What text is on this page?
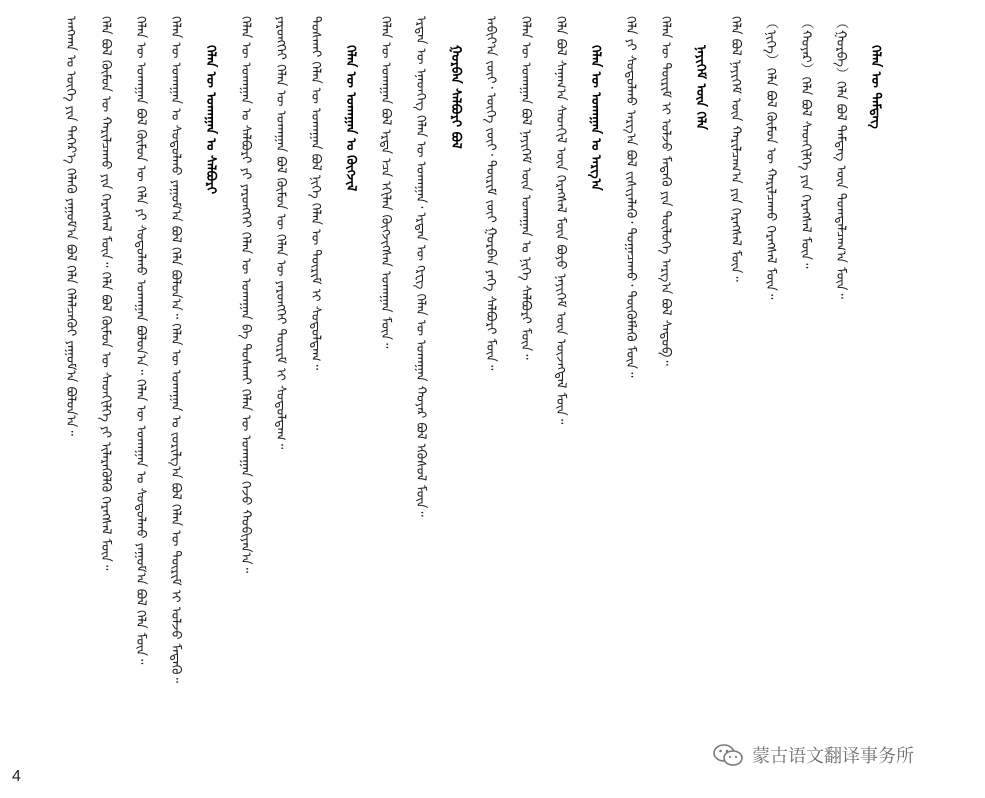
ᠠᠨᠭᠬᠠᠨ ᠤ ᠦᠭᠡ ᠶᠢᠨ ᠳᠡᠭᠡᠷ᠎ᠡ ᠬᠡᠯᠡᠬᠦ ᠶᠠᠭᠤᠮ᠎ᠠ ᠪᠣᠯ ᠬᠡᠯᠡ ᠬᠡᠯᠡᠯᠴᠡᠬᠦᠢ ᠶᠠᠭᠤᠮ᠎ᠠ ᠪᠣᠯᠤᠨ᠎ᠠ᠃ ᠬᠡᠯᠡ ᠪᠣᠯ ᠬᠦᠮᠦᠨ ᠦ ᠬᠠᠷᠢᠯᠴᠠᠬᠤ ᠶᠢᠨ ᠬᠡᠷᠡᠭᠰᠡᠯ ᠮᠥᠨ᠃ ᠬᠡᠯᠡ ᠪᠣᠯ ᠬᠦᠮᠦᠨ ᠦ ᠰᠡᠳᠬᠢᠯᠭᠡ ᠶᠢ ᠢᠯᠡᠷᠡᠭᠦᠯᠬᠦ ᠬᠡᠷᠡᠭᠰᠡᠯ ᠮᠥᠨ᠃ ᠬᠡᠯᠡᠨ ᠦ ᠤᠬᠠᠭᠠᠨ ᠪᠣᠯ ᠬᠦᠮᠦᠨ ᠦ ᠬᠡᠯᠡ ᠶᠢ ᠰᠤᠳᠤᠯᠬᠤ ᠤᠬᠠᠭᠠᠨ ᠪᠣᠯᠤᠨ᠎ᠠ᠃ ᠬᠡᠯᠡᠨ ᠦ ᠤᠬᠠᠭᠠᠨ ᠤ ᠰᠤᠳᠤᠯᠬᠤ ᠶᠠᠭᠤᠮ᠎ᠠ ᠪᠣᠯ ᠬᠡᠯᠡ ᠮᠥᠨ᠃ ᠬᠡᠯᠡᠨ ᠦ ᠤᠬᠠᠭᠠᠨ ᠤ ᠰᠤᠳᠤᠯᠬᠤ ᠶᠠᠭᠤᠮ᠎ᠠ ᠪᠣᠯ ᠬᠡᠯᠡ ᠪᠣᠯᠤᠨ᠎ᠠ᠃ ᠬᠡᠯᠡᠨ ᠦ ᠤᠬᠠᠭᠠᠨ ᠤ ᠵᠣᠷᠢᠯᠭ᠎ᠠ ᠪᠣᠯ ᠬᠡᠯᠡᠨ ᠦ ᠳᠦᠷᠢᠮ ᠢ ᠣᠯᠵᠤ ᠮᠡᠳᠡᠬᠦ᠃ ᠬᠡᠯᠡᠨ ᠦ ᠤᠬᠠᠭᠠᠨ ᠤ ᠰᠠᠯᠪᠤᠷᠢ ᠬᠡᠯᠡᠨ ᠦ ᠤᠬᠠᠭᠠᠨ ᠤ ᠰᠠᠯᠪᠤᠷᠢ ᠶᠢ ᠶᠡᠷᠦᠩᠬᠡᠢ ᠬᠡᠯᠡᠨ ᠦ ᠤᠬᠠᠭᠠᠨ ᠪᠠ ᠲᠤᠰᠬᠠᠶ ᠬᠡᠯᠡᠨ ᠦ ᠤᠬᠠᠭᠠᠨ ᠭᠡᠵᠦ ᠬᠤᠪᠢᠶᠠᠨ᠎ᠠ᠃ ᠶᠡᠷᠦᠩᠬᠡᠢ ᠬᠡᠯᠡᠨ ᠦ ᠤᠬᠠᠭᠠᠨ ᠪᠣᠯ ᠬᠦᠮᠦᠨ ᠦ ᠬᠡᠯᠡᠨ ᠦ ᠶᠡᠷᠦᠩᠬᠡᠢ ᠳᠦᠷᠢᠮ ᠢ ᠰᠤᠳᠤᠯᠳᠠᠭ᠃ ᠲᠤᠰᠬᠠᠶ ᠬᠡᠯᠡᠨ ᠦ ᠤᠬᠠᠭᠠᠨ ᠪᠣᠯ ᠨᠢᠭᠡ ᠬᠡᠯᠡᠨ ᠦ ᠳᠦᠷᠢᠮ ᠢ ᠰᠤᠳᠤᠯᠳᠠᠭ᠃ ᠬᠡᠯᠡᠨ ᠦ ᠤᠬᠠᠭᠠᠨ ᠤ ᠬᠥᠭᠵᠢᠯ ᠬᠡᠯᠡᠨ ᠦ ᠤᠬᠠᠭᠠᠨ ᠪᠣᠯ ᠡᠷᠲᠡ ᠡᠴᠡ ᠡᠬᠢᠯᠡᠨ ᠬᠥᠭᠵᠢᠭᠰᠡᠨ ᠤᠬᠠᠭᠠᠨ ᠮᠥᠨ᠃ ᠡᠷᠲᠡᠨ ᠦ ᠡᠨᠡᠳᠬᠡᠭ ᠬᠡᠯᠡᠨ ᠦ ᠤᠬᠠᠭᠠᠨ᠂ ᠡᠷᠲᠡᠨ ᠦ ᠭᠷᠧᠭ ᠬᠡᠯᠡᠨ ᠦ ᠤᠬᠠᠭᠠᠨ ᠬᠣᠶᠠᠷ ᠪᠣᠯ ᠡᠭᠦᠰᠦᠯ ᠮᠥᠨ᠃ ᠭᠤᠷᠪᠠᠨ ᠰᠠᠯᠪᠤᠷᠢ ᠪᠣᠯ ᠠᠪᠢᠶ᠎ᠠ ᠵᠦᠢ᠂ ᠦᠭᠡ ᠵᠦᠢ᠂ ᠳᠦᠷᠢᠮ ᠵᠦᠢ ᠭᠤᠷᠪᠠᠨ ᠶᠡᠬᠡ ᠰᠠᠯᠪᠤᠷᠢ ᠮᠥᠨ᠃ ᠬᠡᠯᠡᠨ ᠦ ᠤᠬᠠᠭᠠᠨ ᠪᠣᠯ ᠨᠡᠶᠢᠭᠡᠮ ᠦᠨ ᠤᠬᠠᠭᠠᠨ ᠤ ᠨᠢᠭᠡ ᠰᠠᠯᠪᠤᠷᠢ ᠮᠥᠨ᠃ ᠬᠡᠯᠡ ᠪᠣᠯ ᠰᠠᠨᠠᠭ᠎ᠠ ᠰᠡᠳᠬᠢᠯ ᠦᠨ ᠬᠡᠷᠡᠭᠰᠡᠯ ᠮᠥᠨ ᠪᠤᠶᠤ ᠨᠡᠶᠢᠭᠡᠮ ᠦᠨ ᠦᠵᠡᠭᠳᠡᠯ ᠮᠥᠨ᠃ ᠬᠡᠯᠡᠨ ᠦ ᠤᠬᠠᠭᠠᠨ ᠤ ᠠᠷᠭ᠎ᠠ ᠬᠡᠯᠡ ᠶᠢ ᠰᠤᠳᠤᠯᠬᠤ ᠠᠷᠭ᠎ᠠ ᠪᠣᠯ ᠵᠢᠰᠢᠶᠡᠯᠡᠬᠦ᠂ ᠲᠣᠭᠠᠴᠠᠬᠤ᠂ ᠳᠦᠭᠦᠮᠯᠡᠬᠦ ᠮᠥᠨ᠃ ᠬᠡᠯᠡᠨ ᠦ ᠳᠦᠷᠢᠮ ᠢ ᠣᠯᠵᠤ ᠮᠡᠳᠡᠬᠦ ᠶᠢᠨ ᠲᠥᠯᠥᠭᠡ ᠠᠷᠭ᠎ᠠ ᠪᠣᠯ ᠰᠡᠳᠦᠪ᠃ ᠨᠡᠶᠢᠭᠡᠮ ᠦᠨ ᠬᠡᠯᠡ ᠬᠡᠯᠡ ᠪᠣᠯ ᠨᠡᠶᠢᠭᠡᠮ ᠦᠨ ᠬᠠᠷᠢᠯᠴᠠᠭ᠎ᠠ ᠶᠢᠨ ᠬᠡᠷᠡᠭᠰᠡᠯ ᠮᠥᠨ᠃ （ᠨᠢᠭᠡ）ᠬᠡᠯᠡ ᠪᠣᠯ ᠬᠦᠮᠦᠨ ᠦ ᠬᠠᠷᠢᠯᠴᠠᠬᠤ ᠬᠡᠷᠡᠭᠰᠡᠯ ᠮᠥᠨ᠃ （ᠬᠣᠶᠠᠷ）ᠬᠡᠯᠡ ᠪᠣᠯ ᠰᠡᠳᠬᠢᠯᠭᠡ ᠶᠢᠨ ᠬᠡᠷᠡᠭᠰᠡᠯ ᠮᠥᠨ᠃ （ᠭᠤᠷᠪᠠ）ᠬᠡᠯᠡ ᠪᠣᠯ ᠲᠡᠮᠳᠡᠭ ᠦᠨ ᠲᠣᠭᠳᠠᠯᠴᠠᠭ᠎ᠠ ᠮᠥᠨ᠃ ᠬᠡᠯᠡᠨ ᠦ ᠲᠡᠮᠳᠡᠭ
4
蒙古语文翻译事务所
